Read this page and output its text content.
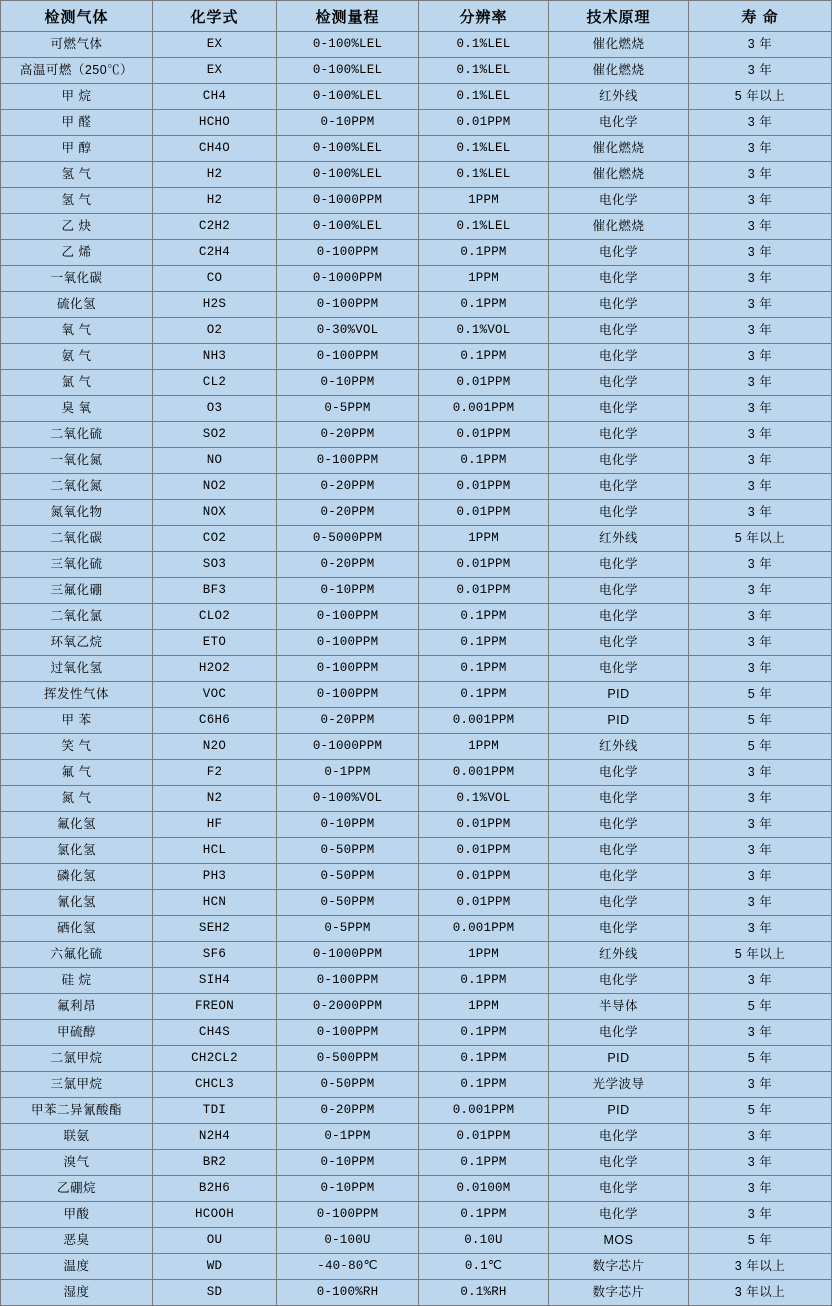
检测气体	化学式	检测量程	分辨率	技术原理	寿 命
可燃气体	EX	0-100%LEL	0.1%LEL	催化燃烧	3 年
高温可燃（250℃）	EX	0-100%LEL	0.1%LEL	催化燃烧	3 年
甲 烷	CH4	0-100%LEL	0.1%LEL	红外线	5 年以上
甲 醛	HCHO	0-10PPM	0.01PPM	电化学	3 年
甲 醇	CH4O	0-100%LEL	0.1%LEL	催化燃烧	3 年
氢 气	H2	0-100%LEL	0.1%LEL	催化燃烧	3 年
氢 气	H2	0-1000PPM	1PPM	电化学	3 年
乙 炔	C2H2	0-100%LEL	0.1%LEL	催化燃烧	3 年
乙 烯	C2H4	0-100PPM	0.1PPM	电化学	3 年
一氧化碳	CO	0-1000PPM	1PPM	电化学	3 年
硫化氢	H2S	0-100PPM	0.1PPM	电化学	3 年
氧 气	O2	0-30%VOL	0.1%VOL	电化学	3 年
氨 气	NH3	0-100PPM	0.1PPM	电化学	3 年
氯 气	CL2	0-10PPM	0.01PPM	电化学	3 年
臭 氧	O3	0-5PPM	0.001PPM	电化学	3 年
二氧化硫	SO2	0-20PPM	0.01PPM	电化学	3 年
一氧化氮	NO	0-100PPM	0.1PPM	电化学	3 年
二氧化氮	NO2	0-20PPM	0.01PPM	电化学	3 年
氮氧化物	NOX	0-20PPM	0.01PPM	电化学	3 年
二氧化碳	CO2	0-5000PPM	1PPM	红外线	5 年以上
三氧化硫	SO3	0-20PPM	0.01PPM	电化学	3 年
三氟化硼	BF3	0-10PPM	0.01PPM	电化学	3 年
二氧化氯	CLO2	0-100PPM	0.1PPM	电化学	3 年
环氧乙烷	ETO	0-100PPM	0.1PPM	电化学	3 年
过氧化氢	H2O2	0-100PPM	0.1PPM	电化学	3 年
挥发性气体	VOC	0-100PPM	0.1PPM	PID	5 年
甲 苯	C6H6	0-20PPM	0.001PPM	PID	5 年
笑 气	N2O	0-1000PPM	1PPM	红外线	5 年
氟 气	F2	0-1PPM	0.001PPM	电化学	3 年
氮 气	N2	0-100%VOL	0.1%VOL	电化学	3 年
氟化氢	HF	0-10PPM	0.01PPM	电化学	3 年
氯化氢	HCL	0-50PPM	0.01PPM	电化学	3 年
磷化氢	PH3	0-50PPM	0.01PPM	电化学	3 年
氰化氢	HCN	0-50PPM	0.01PPM	电化学	3 年
硒化氢	SEH2	0-5PPM	0.001PPM	电化学	3 年
六氟化硫	SF6	0-1000PPM	1PPM	红外线	5 年以上
硅 烷	SIH4	0-100PPM	0.1PPM	电化学	3 年
氟利昂	FREON	0-2000PPM	1PPM	半导体	5 年
甲硫醇	CH4S	0-100PPM	0.1PPM	电化学	3 年
二氯甲烷	CH2CL2	0-500PPM	0.1PPM	PID	5 年
三氯甲烷	CHCL3	0-50PPM	0.1PPM	光学波导	3 年
甲苯二异氰酸酯	TDI	0-20PPM	0.001PPM	PID	5 年
联氨	N2H4	0-1PPM	0.01PPM	电化学	3 年
溴气	BR2	0-10PPM	0.1PPM	电化学	3 年
乙硼烷	B2H6	0-10PPM	0.0100M	电化学	3 年
甲酸	HCOOH	0-100PPM	0.1PPM	电化学	3 年
恶臭	OU	0-100U	0.10U	MOS	5 年
温度	WD	-40-80℃	0.1℃	数字芯片	3 年以上
湿度	SD	0-100%RH	0.1%RH	数字芯片	3 年以上
